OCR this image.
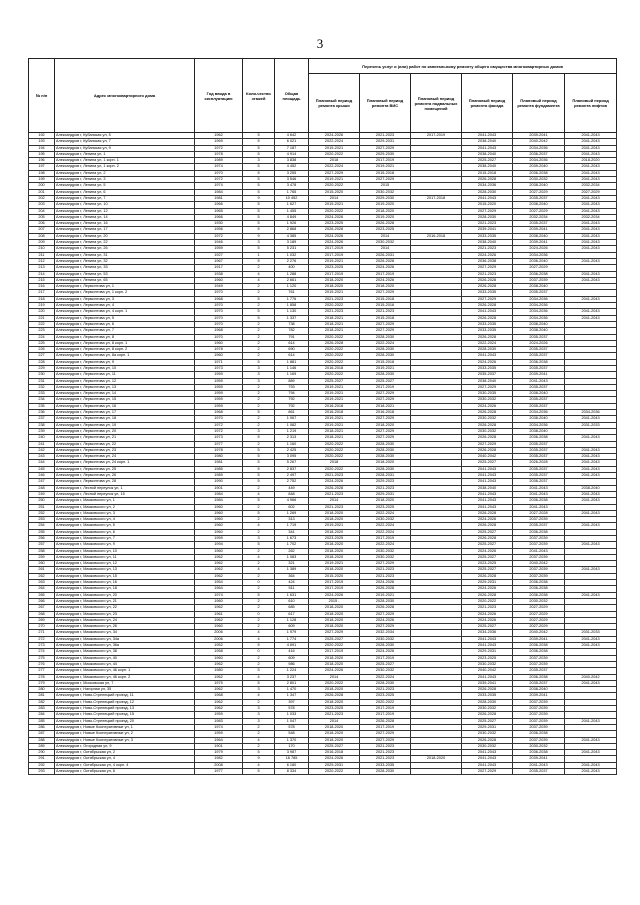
3
№ п/п	Адрес многоквартирного дома	Год ввода в эксплуатацию	Коли-чество этажей	Общая площадь	Перечень услуг и (или) работ по капитальному ремонту общего имущества многоквартирных домов					
					Плановый период ремонта крыши	Плановый период ремонта ВИС	Плановый период ремонта подвальных помещений	Плановый период ремонта фасада	Плановый период ремонта фундамента	Плановый период ремонта лифтов
192	Александров г, Кубанская ул, 5	1962	5	4 642	2024-2026	2021-2023	2017-2019	2041-2043	2039-2041	2041-2043
193	Александров г, Кубанская ул, 7	1969	5	6 021	2022-2024	2029-2031		2038-2040	2040-2042	2041-2043
194	Александров г, Кубанская ул, 9	1972	5	7 187	2019-2021	2027-2029		2041-2043	2034-2036	2041-2043
195	Александров г, Ленина ул, 1	1978	5	4 914	2020-2022	2029-2030		2038-2040	2036-2037	2041-2043
196	Александров г, Ленина ул, 1 корп. 1	1989	3	3 838	2018	2017-2019		2025-2027	2034-2036	2018-2020
197	Александров г, Ленина ул, 1 корп. 2	1974	5	4 452	2022-2024	2019-2021		2038-2040	2039-2040	2041-2043
198	Александров г, Ленина ул, 2	1970	5	3 255	2027-2029	2015-2018		2015-2018	2036-2038	2041-2043
199	Александров г, Ленина ул, 3	1972	5	3 546	2019-2021	2027-2029		2026-2028	2030-2032	2041-2043
200	Александров г, Ленина ул, 5	1974	5	3 478	2020-2022	2015		2034-2036	2038-2040	2032-2034
201	Александров г, Ленина ул, 6	1984	5	1 765	2015-2020	2030-2032		2028-2030	2027-2029	2027-2029
202	Александров г, Ленина ул, 7	1981	9	10 452	2014	2029-2030	2017-2018	2041-2043	2035-2037	2041-2043
203	Александров г, Ленина ул, 10	1966	5	1 627	2019-2021	2019-2020		2015-2020	2038-2040	2041-2043
204	Александров г, Ленина ул, 12	1965	5	1 455	2020-2022	2018-2020		2027-2029	2027-2029	2041-2043
205	Александров г, Ленина ул, 14	1966	5	4 849	2024-2026	2019-2020		2028-2030	2032-2034	2032-2034
206	Александров г, Ленина ул, 16	1930	5	1 926	2023-2025	2026-2028		2021-2023	2035-2037	2041-2043
207	Александров г, Ленина ул, 17	1956	5	2 868	2026-2028	2023-2025		2039-2041	2039-2041	2041-2043
208	Александров г, Ленина ул, 20	1972	9	4 385	2024-2026	2014	2016-2018	2033-2035	2038-2040	2041-2043
209	Александров г, Ленина ул, 22	1946	3	3 189	2024-2026	2030-2032		2038-2040	2039-2041	2041-2043
210	Александров г, Ленина ул, 26	1959	5	5 231	2017-2019	2014		2021-2023	2024-2026	2041-2043
211	Александров г, Ленина ул, 31	1927	1	1 032	2017-2019	2026-2031		2024-2026	2034-2036	
212	Александров г, Ленина ул, 32	1967	5	2 276	2019-2021	2026-2028		2036-2038	2036-2040	2041-2043
213	Александров г, Ленина ул, 33	1917	2	400	2023-2025	2024-2026		2027-2029	2027-2029	
214	Александров г, Ленина ул, 53	1938	4	1 288	2017-2019	2017-2019		2021-2023	2036-2038	2041-2043
215	Александров г, Ленина ул, 65	1960	4	2 661	2018-2020	2024-2026		2026-2028	2037-2039	2041-2043
216	Александров г, Лермонтова ул, 1	1949	2	1 120	2018-2020	2018-2020		2026-2028	2038-2040	
217	Александров г, Лермонтова ул, 1 корп. 2	1970	2	761	2019-2021	2027-2029		2033-2035	2035-2037	
218	Александров г, Лермонтова ул, 3	1968	5	1 776	2021-2023	2015-2018		2027-2029	2034-2036	2041-2043
219	Александров г, Лермонтова ул, 4	1970	2	1 858	2020-2022	2015-2016		2026-2028	2034-2036	
220	Александров г, Лермонтова ул, 4 корп. 1	1970	5	1 130	2021-2023	2021-2023		2041-2043	2034-2036	2041-2043
221	Александров г, Лермонтова ул, 5	1970	5	1 337	2018-2021	2015-2018		2026-2028	2034-2036	2041-2043
222	Александров г, Лермонтова ул, 6	1970	2	738	2018-2021	2027-2029		2033-2035	2038-2040	
223	Александров г, Лермонтова ул, 7	1968	2	782	2018-2021	2027-2029		2033-2035	2038-2040	
224	Александров г, Лермонтова ул, 8	1970	2	791	2020-2022	2028-2030		2026-2028	2035-2037	
225	Александров г, Лермонтова ул, 8 корп. 1	1960	2	614	2026-2028	2022-2024		2022-2024	2024-2026	
226	Александров г, Лермонтова ул, 8 корп. 2	1978	2	690	2020-2022	2028-2030		2028-2030	2035-2037	
227	Александров г, Лермонтова ул, 8а корп. 1	1960	2	614	2020-2022	2028-2030		2041-2043	2035-2037	
228	Александров г, Лермонтова ул, 9	1971	5	1 881	2020-2022	2015-2018		2024-2026	2036-2038	
229	Александров г, Лермонтова ул, 10	1973	3	1 146	2016-2018	2019-2021		2033-2035	2035-2037	
230	Александров г, Лермонтова ул, 11	1959	3	1 169	2020-2022	2028-2030		2035-2037	2039-2041	
231	Александров г, Лермонтова ул, 12	1959	3	889	2025-2027	2025-2027		2038-2040	2041-2043	
232	Александров г, Лермонтова ул, 13	1959	2	793	2019-2021	2017-2019		2027-2029	2035-2037	
233	Александров г, Лермонтова ул, 14	1959	2	794	2019-2021	2027-2029		2030-2035	2038-2040	
234	Александров г, Лермонтова ул, 15	1959	2	792	2019-2021	2027-2029		2030-2032	2035-2037	
235	Александров г, Лермонтова ул, 16	1959	2	792	2016-2018	2018-2021		2024-2026	2035-2037	
236	Александров г, Лермонтова ул, 17	1968	5	861	2016-2018	2016-2018		2026-2028	2034-2036	2034-2036
237	Александров г, Лермонтова ул, 18	1970	2	1 067	2019-2021	2027-2029		2030-2032	2038-2040	2041-2043
238	Александров г, Лермонтова ул, 19	1972	2	1 082	2019-2021	2018-2020		2026-2028	2034-2036	2031-2033
239	Александров г, Лермонтова ул, 20	1972	3	1 219	2018-2021	2027-2029		2030-2032	2038-2040	
240	Александров г, Лермонтова ул, 21	1973	5	2 313	2018-2021	2027-2029		2026-2028	2036-2038	2041-2043
241	Александров г, Лермонтова ул, 22	1977	2	1 160	2020-2022	2028-2030		2027-2029	2035-2037	
242	Александров г, Лермонтова ул, 23	1978	5	2 425	2020-2022	2028-2030		2026-2028	2035-2037	2041-2043
243	Александров г, Лермонтова ул, 24	1980	5	3 095	2020-2022	2028-2030		2040-2042	2035-2037	2041-2043
244	Александров г, Лермонтова ул, 24 корп. 1	1981	5	5 267	2018	2018-2020		2025-2027	2026-2028	2041-2043
245	Александров г, Лермонтова ул, 25	1985	5	2 837	2020-2022	2028-2030		2041-2043	2035-2037	2041-2043
246	Александров г, Лермонтова ул, 26	1989	5	2 497	2021-2023	2028-2031		2041-2043	2035-2037	2041-2043
247	Александров г, Лермонтова ул, 28	1990	5	2 752	2024-2026	2029-2023		2041-2043	2036-2037	
248	Александров г, Лесной переулок ул, 1	1901	2	449	2026-2028	2021-2023		2038-2040	2041-2043	2038-2040
249	Александров г, Лесной переулок ул, 15	1984	4	848	2021-2023	2029-2031		2041-2043	2041-2043	2041-2043
250	Александров г, Маяковского ул, 1	1984	5	4 966	2014	2018-2020		2041-2043	2036-2038	2041-2043
251	Александров г, Маяковского ул, 2	1960	2	602	2021-2023	2023-2025		2041-2043	2041-2043	
252	Александров г, Маяковского ул, 3	1960	5	1 269	2018-2020	2022-2024		2026-2028	2027-2028	2041-2043
253	Александров г, Маяковского ул, 4	1960	2	313	2018-2020	2030-2032		2024-2026	2037-2039	
254	Александров г, Маяковского ул, 5	1960	4	1 719	2019-2021	2022-2024		2026-2028	2035-2037	2041-2043
255	Александров г, Маяковского ул, 6	1960	2	341	2018-2020	2022-2024		2025-2027	2036-2038	
256	Александров г, Маяковского ул, 7	1959	3	1 673	2023-2025	2017-2019		2026-2028	2037-2039	
257	Александров г, Маяковского ул, 9	1994	5	1 702	2018-2020	2022-2024		2025-2027	2037-2039	2041-2043
258	Александров г, Маяковского ул, 10	1960	2	262	2018-2020	2030-2032		2024-2026	2041-2043	
259	Александров г, Маяковского ул, 11	1962	4	1 083	2018-2020	2030-2032		2025-2027	2037-2039	
260	Александров г, Маяковского ул, 12	1962	2	321	2019-2021	2027-2029		2023-2025	2040-2042	
261	Александров г, Маяковского ул, 13	1962	4	1 389	2018-2020	2021-2023		2025-2027	2037-2039	2041-2043
262	Александров г, Маяковского ул, 15	1962	2	364	2015-2020	2021-2023		2026-2028	2037-2039	
263	Александров г, Маяковского ул, 16	1954	0	424	2017-2019	2024-2026		2029-2031	2036-2038	
264	Александров г, Маяковского ул, 18	1964	2	511	2017-2019	2026-2028		2024-2026	2036-2038	
265	Александров г, Маяковского ул, 20	1974	5	1 631	2024-2026	2019-2021		2026-2028	2036-2038	2041-2043
266	Александров г, Маяковского ул, 21	1960	2	610	2015 -	2028-2030		2020-2022	2030-2032	
267	Александров г, Маяковского ул, 22	1962	2	685	2018-2020	2026-2028		2021-2023	2027-2029	
268	Александров г, Маяковского ул, 23	1961	0	617	2018-2020	2027-2029		2024-2026	2027-2029	
269	Александров г, Маяковского ул, 24	1962	2	1 128	2018-2020	2024-2026		2024-2026	2027-2029	
270	Александров г, Маяковского ул, 26	1960	2	609	2018-2020	2027-2029		2025-2027	2027-2029	
271	Александров г, Маяковского ул, 34	2006	4	1 979	2027-2029	2032-2034		2034-2036	2040-2042	2031-2033
272	Александров г, Маяковского ул, 34а	2006	4	1 774	2025-2027	2030-2032		2041-2043	2039-2041	2041-2043
273	Александров г, Маяковского ул, 36а	1952	5	4 691	2020-2022	2028-2030		2041-2043	2036-2038	2041-2043
274	Александров г, Маяковского ул, 38	1958	0	416	2017-2019	2024-2026		2029-2031	2036-2038	
275	Александров г, Маяковского ул, 40	1960	2	609	2018-2020	2017-2019		2023-2025	2037-2039	
276	Александров г, Маяковского ул, 44	1962	2	986	2018-2020	2025-2027		2030-2032	2037-2039	
277	Александров г, Маяковского ул, 46 корп. 1	1980	5	1 224	2024-2026	2030-2032		2040-2042	2035-2037	
278	Александров г, Маяковского ул, 46 корп. 2	1962	4	3 237	2014	2022-2024		2041-2043	2036-2038	2040-2042
279	Александров г, Московская ул, 7	1975	5	2 801	2020-2022	2028-2030		2039-2041	2035-2037	2041-2043
280	Александров г, Нагорная ул, 35	1962	3	1 470	2018-2020	2021-2023		2026-2028	2038-2040	
281	Александров г, Ново-Стрелецкий проезд, 11	1968	4	1 347	2026-2028	2023-2025		2033-2035	2039-2041	
282	Александров г, Ново-Стрелецкий проезд, 12	1962	2	397	2018-2020	2020-2022		2028-2030	2037-2039	
283	Александров г, Ново-Стрелецкий проезд, 13	1962	3	578	2023-2025	2017-2019		2030-2032	2037-2039	
284	Александров г, Ново-Стрелецкий проезд, 15	1959	3	1 033	2021-2023	2017-2019		2026-2028	2037-2039	
285	Александров г, Ново-Стрелецкий проезд, 20	1983	3	1 047	2014	2026-2028		2025-2027	2037-2039	2041-2043
286	Александров г, Новые Кооперативные ул, 1	1974	2	578	2018-2020	2017-2019		2029-2031	2037-2039	
287	Александров г, Новые Кооперативные ул, 2	1959	2	548	2018-2020	2027-2029		2030-2032	2036-2038	
288	Александров г, Новые Кооперативные ул, 3	1964	4	1 370	2018-2020	2027-2029		2026-2028	2037-2039	2041-2043
289	Александров г, Огородная ул, 9	1901	2	170	2025-2027	2021-2023		2030-2032	2030-2032	
290	Александров г, Октябрьская ул, 2	1979	5	3 987	2016-2018	2021-2023		2041-2043	2036-2038	2041-2043
291	Александров г, Октябрьская ул, 4	1982	9	16 785	2024-2026	2021-2023	2018-2020	2041-2043	2039-2041	
292	Александров г, Октябрьская ул, 4 корп. 4	2008	4	6 180	2029-2031	2033-2035		2041-2043	2041-2043	2041-2043
293	Александров г, Октябрьская ул, 6	1977	5	8 334	2020-2022	2028-2030		2027-2029	2035-2037	2041-2043
